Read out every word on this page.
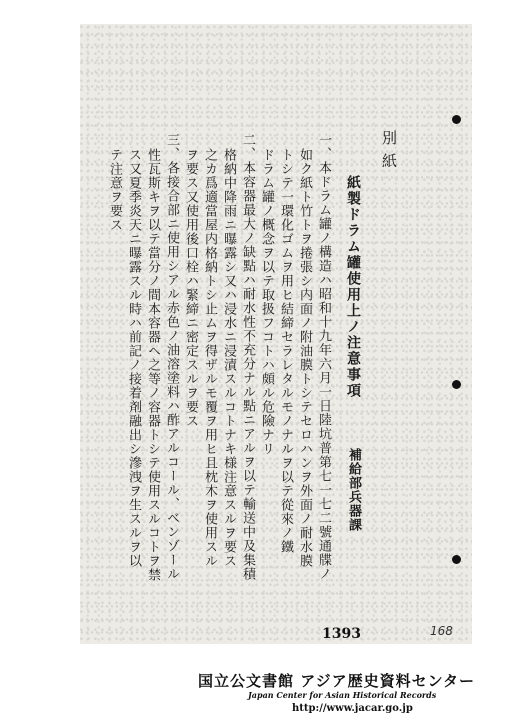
別紙
紙製ドラム罐使用上ノ注意事項
補給部兵器課
一、本ドラム罐ノ構造ハ昭和十九年六月一日陸坑普第七一七二號通牒ノ
如ク紙ト竹トヲ捲張シ内面ノ附油膜トシテセロハンヲ外面ノ耐水膜
トシテ一環化ゴムヲ用ヒ結締セラレタルモノナルヲ以テ從來ノ鐵
ドラム罐ノ概念ヲ以テ取扱フコトハ頗ル危險ナリ
二、本容器最大ノ缺點ハ耐水性不充分ナル點ニアルヲ以テ輸送中及集積
格納中降雨ニ曝露シ又ハ浸水ニ浸漬スルコトナキ様注意スルヲ要ス
之カ爲適當屋内格納トシ止ムヲ得ザルモ覆ヲ用ヒ且枕木ヲ使用スル
ヲ要ス又使用後口栓ハ緊締ニ密定スルヲ要ス
三、各接合部ニ使用シアル赤色ノ油溶塗料ハ酢アルコール、ベンゾール
性瓦斯キヲ以テ當分ノ間本容器ヘ之等ノ容器トシテ使用スルコトヲ禁
ス又夏季炎天ニ曝露スル時ハ前記ノ接着剤融出シ滲洩ヲ生スルヲ以
テ注意ヲ要ス
1393	168
国立公文書館 アジア歴史資料センター
Japan Center for Asian Historical Records
http://www.jacar.go.jp
